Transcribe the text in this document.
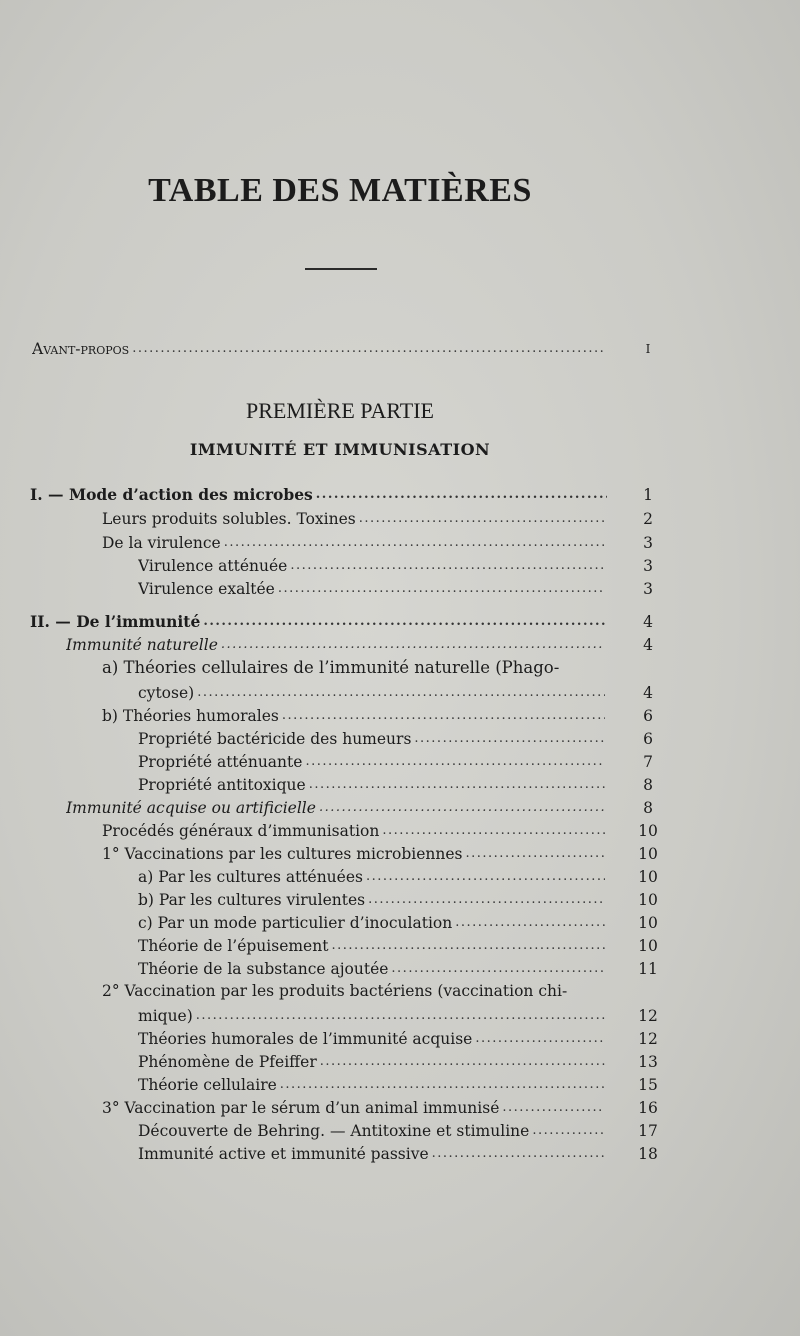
TABLE DES MATIÈRES
Avant-propos .....	I
PREMIÈRE PARTIE
IMMUNITÉ ET IMMUNISATION
I. — Mode d’action des microbes .....	1
Leurs produits solubles. Toxines .....	2
De la virulence .....	3
Virulence atténuée .....	3
Virulence exaltée .....	3
II. — De l’immunité .....	4
Immunité naturelle .....	4
a) Théories cellulaires de l’immunité naturelle (Phago-
cytose) .....	4
b) Théories humorales .....	6
Propriété bactéricide des humeurs .....	6
Propriété atténuante .....	7
Propriété antitoxique .....	8
Immunité acquise ou artificielle .....	8
Procédés généraux d’immunisation .....	10
1° Vaccinations par les cultures microbiennes .....	10
a) Par les cultures atténuées .....	10
b) Par les cultures virulentes .....	10
c) Par un mode particulier d’inoculation .....	10
Théorie de l’épuisement .....	10
Théorie de la substance ajoutée .....	11
2° Vaccination par les produits bactériens (vaccination chi-
mique) .....	12
Théories humorales de l’immunité acquise .....	12
Phénomène de Pfeiffer .....	13
Théorie cellulaire .....	15
3° Vaccination par le sérum d’un animal immunisé .....	16
Découverte de Behring. — Antitoxine et stimuline .....	17
Immunité active et immunité passive .....	18
